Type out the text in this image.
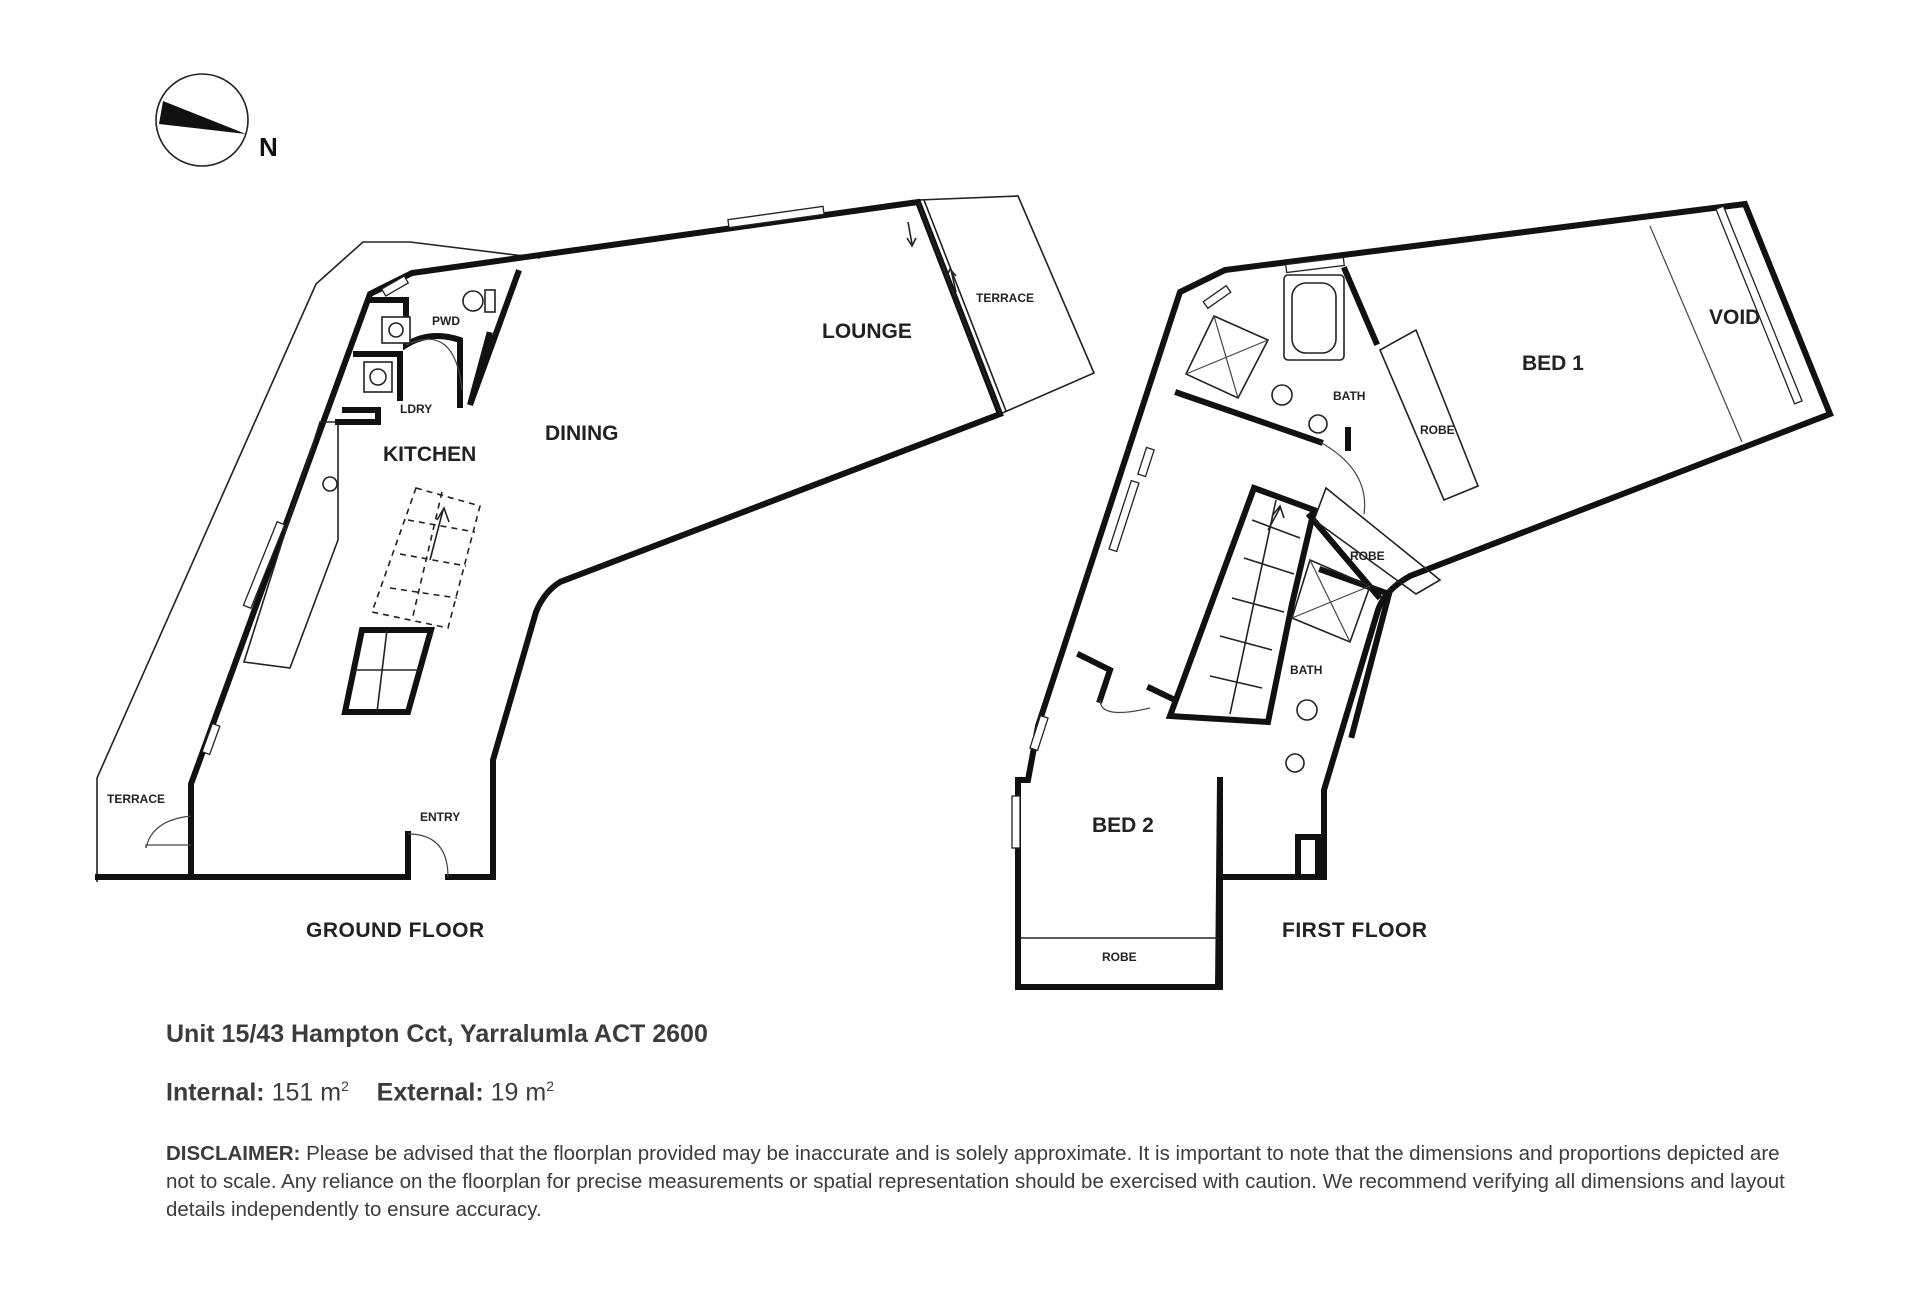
N
PWD
LDRY
KITCHEN
DINING
LOUNGE
TERRACE
TERRACE
ENTRY
GROUND FLOOR
BATH
BED 1
VOID
ROBE
ROBE
BATH
BED 2
ROBE
FIRST FLOOR
Unit 15/43 Hampton Cct, Yarralumla ACT 2600
Internal: 151 $m^2$ External: 19 $m^2$
DISCLAIMER: Please be advised that the floorplan provided may be inaccurate and is solely approximate. It is important to note that the dimensions and proportions depicted are not to scale. Any reliance on the floorplan for precise measurements or spatial representation should be exercised with caution. We recommend verifying all dimensions and layout details independently to ensure accuracy.
